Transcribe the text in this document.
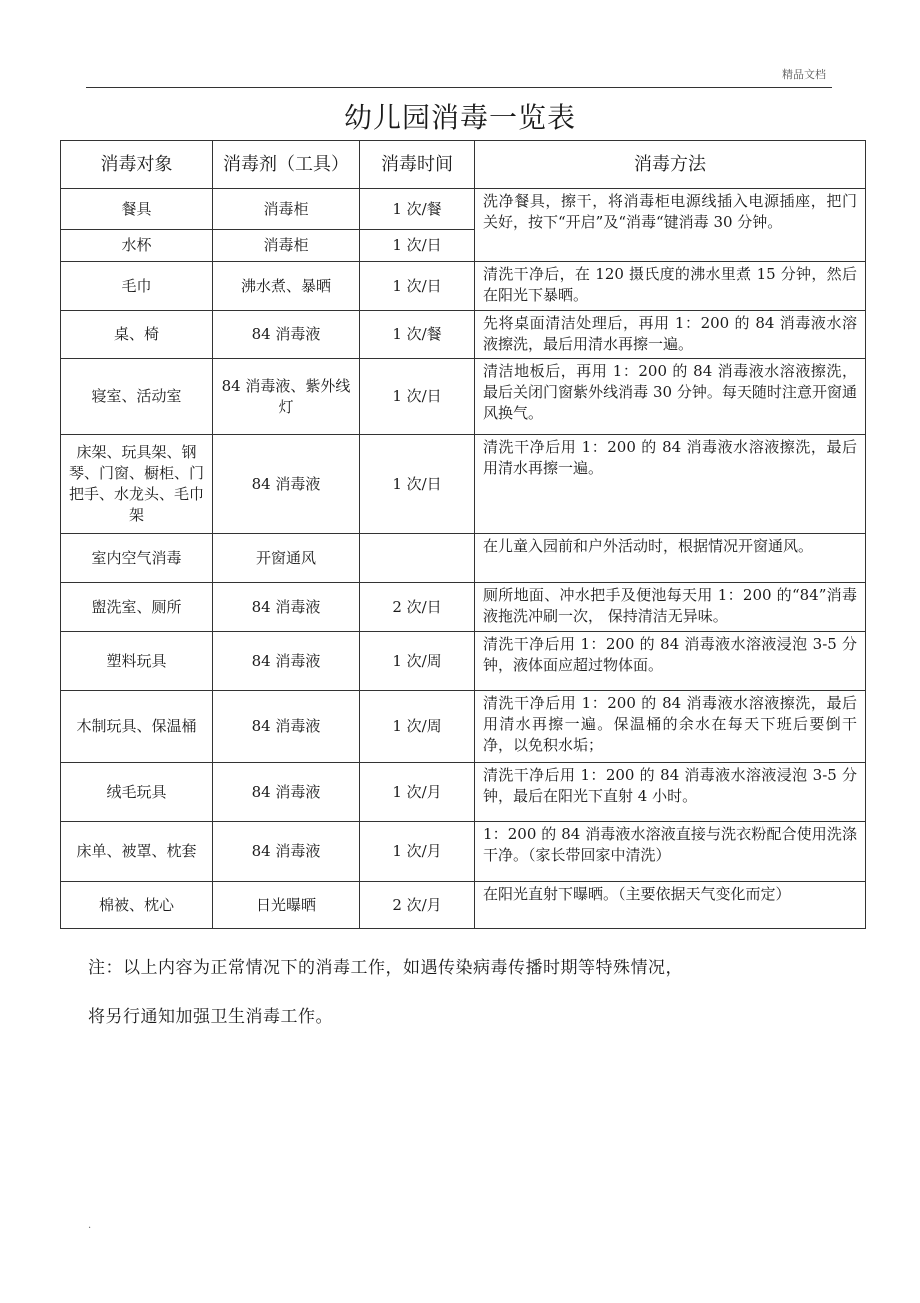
精品文档
幼儿园消毒一览表
消毒对象	消毒剂（工具）	消毒时间	消毒方法
餐具	消毒柜	1 次/餐	洗净餐具，擦干，将消毒柜电源线插入电源插座，把门关好，按下“开启”及“消毒“键消毒 30 分钟。
水杯	消毒柜	1 次/日	
毛巾	沸水煮、暴晒	1 次/日	清洗干净后，在 120 摄氏度的沸水里煮 15 分钟，然后在阳光下暴晒。
桌、椅	84 消毒液	1 次/餐	先将桌面清洁处理后，再用 1：200 的 84 消毒液水溶液擦洗，最后用清水再擦一遍。
寝室、活动室	84 消毒液、紫外线灯	1 次/日	清洁地板后，再用 1：200 的 84 消毒液水溶液擦洗，最后关闭门窗紫外线消毒 30 分钟。每天随时注意开窗通风换气。
床架、玩具架、钢琴、门窗、橱柜、门把手、水龙头、毛巾架	84 消毒液	1 次/日	清洗干净后用 1：200 的 84 消毒液水溶液擦洗，最后用清水再擦一遍。
室内空气消毒	开窗通风		在儿童入园前和户外活动时，根据情况开窗通风。
盥洗室、厕所	84 消毒液	2 次/日	厕所地面、冲水把手及便池每天用 1：200 的“84”消毒液拖洗冲刷一次， 保持清洁无异味。
塑料玩具	84 消毒液	1 次/周	清洗干净后用 1：200 的 84 消毒液水溶液浸泡 3-5 分钟，液体面应超过物体面。
木制玩具、保温桶	84 消毒液	1 次/周	清洗干净后用 1：200 的 84 消毒液水溶液擦洗，最后用清水再擦一遍。保温桶的余水在每天下班后要倒干净，以免积水垢；
绒毛玩具	84 消毒液	1 次/月	清洗干净后用 1：200 的 84 消毒液水溶液浸泡 3-5 分钟，最后在阳光下直射 4 小时。
床单、被罩、枕套	84 消毒液	1 次/月	1：200 的 84 消毒液水溶液直接与洗衣粉配合使用洗涤干净。（家长带回家中清洗）
棉被、枕心	日光曝晒	2 次/月	在阳光直射下曝晒。（主要依据天气变化而定）
注：以上内容为正常情况下的消毒工作，如遇传染病毒传播时期等特殊情况，
将另行通知加强卫生消毒工作。
.
